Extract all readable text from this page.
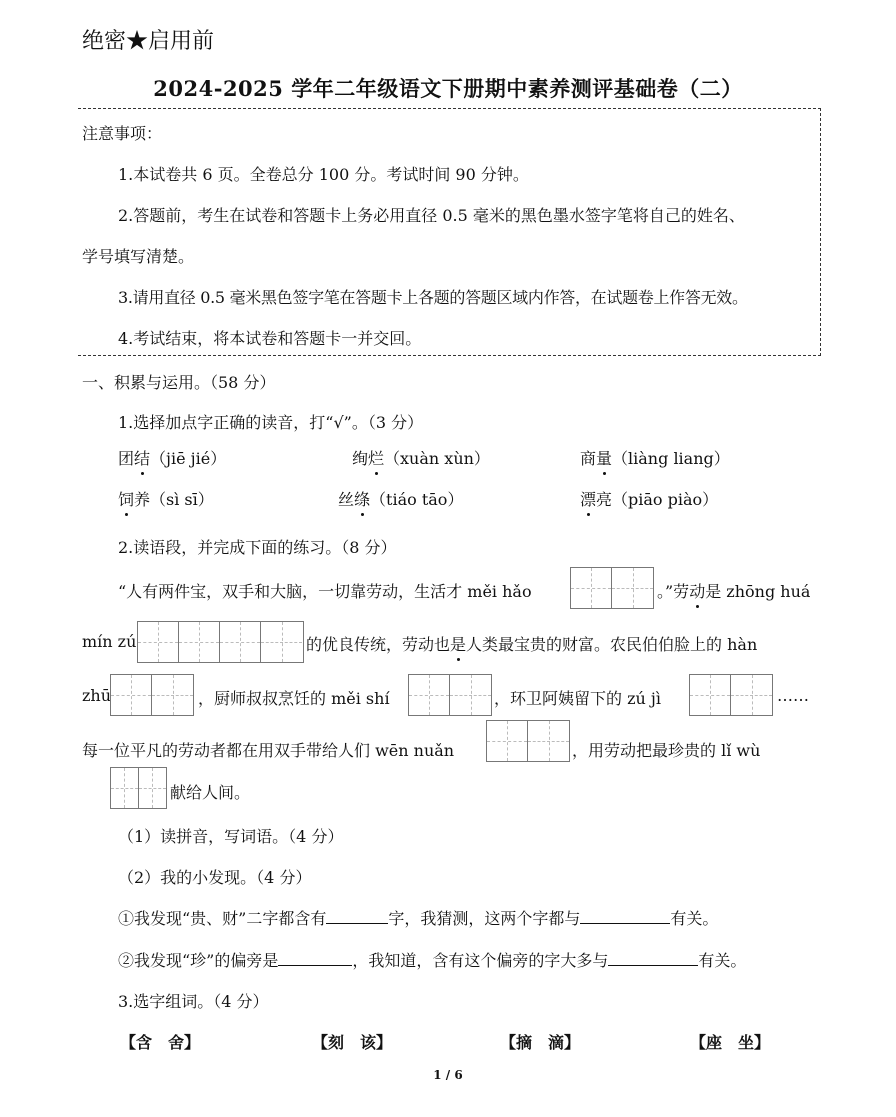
绝密★启用前
2024-2025 学年二年级语文下册期中素养测评基础卷（二）
注意事项：
1.本试卷共 6 页。全卷总分 100 分。考试时间 90 分钟。
2.答题前，考生在试卷和答题卡上务必用直径 0.5 毫米的黑色墨水签字笔将自己的姓名、
学号填写清楚。
3.请用直径 0.5 毫米黑色签字笔在答题卡上各题的答题区域内作答，在试题卷上作答无效。
4.考试结束，将本试卷和答题卡一并交回。
一、积累与运用。（58 分）
1.选择加点字正确的读音，打“√”。（3 分）
团结（jiē jié）	绚烂（xuàn xùn）	商量（liàng liang）
饲养（sì sī）	丝绦（tiáo tāo）	漂亮（piāo piào）
2.读语段，并完成下面的练习。（8 分）
“人有两件宝，双手和大脑，一切靠劳动，生活才 měi hǎo	。”劳动是 zhōng huá
mín zú	的优良传统，劳动也是人类最宝贵的财富。农民伯伯脸上的 hàn
zhū	，厨师叔叔烹饪的 měi shí	，环卫阿姨留下的 zú jì	……
每一位平凡的劳动者都在用双手带给人们 wēn nuǎn	，用劳动把最珍贵的 lǐ wù
献给人间。
（1）读拼音，写词语。（4 分）
（2）我的小发现。（4 分）
①我发现“贵、财”二字都含有	字，我猜测，这两个字都与	有关。
②我发现“珍”的偏旁是	，我知道，含有这个偏旁的字大多与	有关。
3.选字组词。（4 分）
【含　舍】	【刻　该】	【摘　滴】	【座　坐】
1 / 6
